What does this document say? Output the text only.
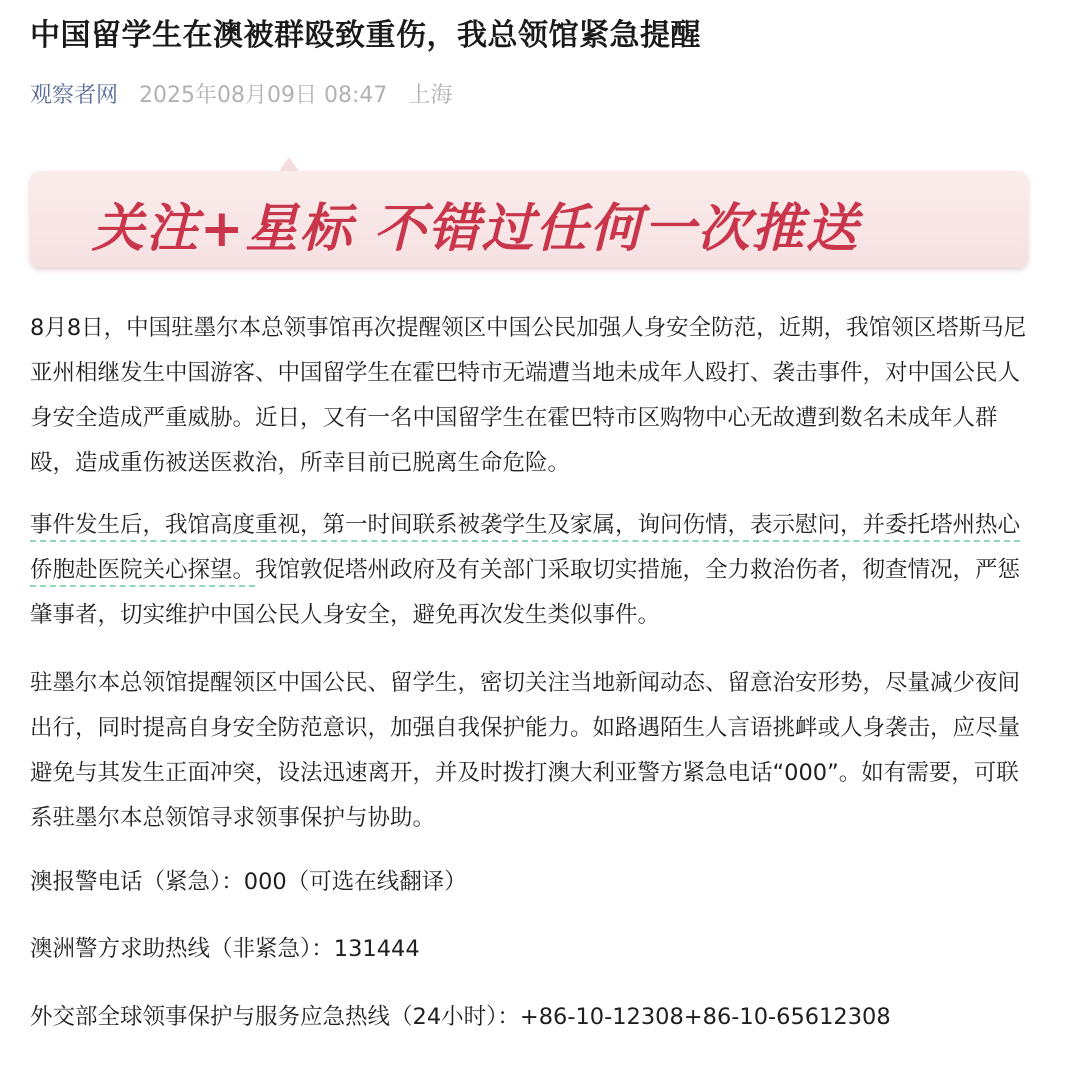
中国留学生在澳被群殴致重伤，我总领馆紧急提醒
观察者网 2025年08月09日 08:47 上海
关注+星标 不错过任何一次推送

8月8日，中国驻墨尔本总领事馆再次提醒领区中国公民加强人身安全防范，近期，我馆领区塔斯马尼亚州相继发生中国游客、中国留学生在霍巴特市无端遭当地未成年人殴打、袭击事件，对中国公民人身安全造成严重威胁。近日，又有一名中国留学生在霍巴特市区购物中心无故遭到数名未成年人群殴，造成重伤被送医救治，所幸目前已脱离生命危险。

事件发生后，我馆高度重视，第一时间联系被袭学生及家属，询问伤情，表示慰问，并委托塔州热心侨胞赴医院关心探望。我馆敦促塔州政府及有关部门采取切实措施，全力救治伤者，彻查情况，严惩肇事者，切实维护中国公民人身安全，避免再次发生类似事件。

驻墨尔本总领馆提醒领区中国公民、留学生，密切关注当地新闻动态、留意治安形势，尽量减少夜间出行，同时提高自身安全防范意识，加强自我保护能力。如路遇陌生人言语挑衅或人身袭击，应尽量避免与其发生正面冲突，设法迅速离开，并及时拨打澳大利亚警方紧急电话“000”。如有需要，可联系驻墨尔本总领馆寻求领事保护与协助。

澳报警电话（紧急）：000（可选在线翻译）
澳洲警方求助热线（非紧急）：131444
外交部全球领事保护与服务应急热线（24小时）：+86-10-12308+86-10-65612308
